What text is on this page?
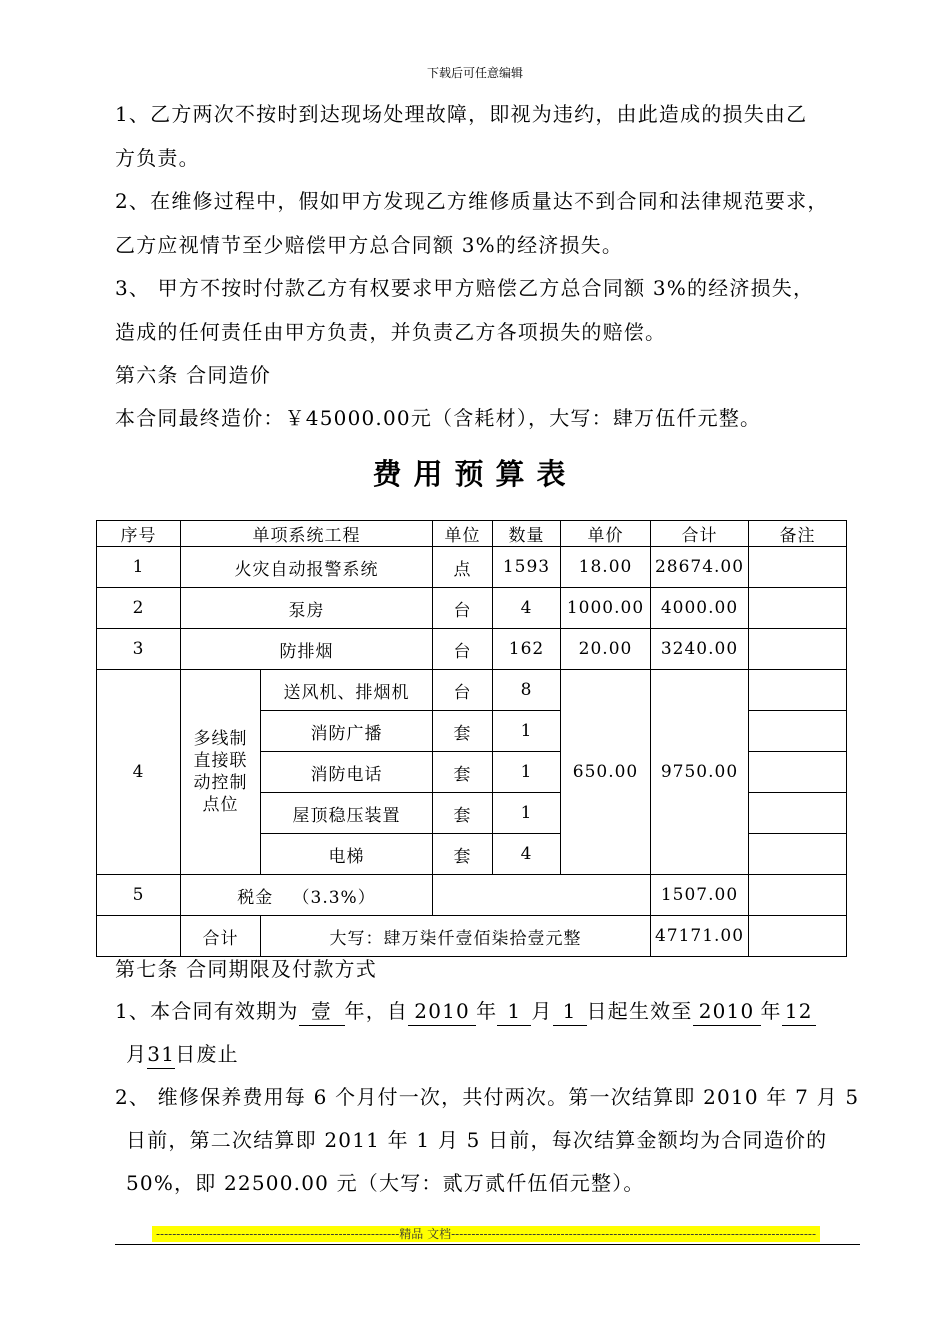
下载后可任意编辑
1、乙方两次不按时到达现场处理故障，即视为违约，由此造成的损失由乙
方负责。
2、在维修过程中，假如甲方发现乙方维修质量达不到合同和法律规范要求，
乙方应视情节至少赔偿甲方总合同额 3%的经济损失。
3、 甲方不按时付款乙方有权要求甲方赔偿乙方总合同额 3%的经济损失，
造成的任何责任由甲方负责，并负责乙方各项损失的赔偿。
第六条 合同造价
本合同最终造价：￥45000.00元（含耗材），大写：肆万伍仟元整。
费用预算表
序号	单项系统工程		单位	数量	单价	合计	备注
1	火灾自动报警系统		点	1593	18.00	28674.00	
2	泵房		台	4	1000.00	4000.00	
3	防排烟		台	162	20.00	3240.00	
4	多线制直接联动控制点位	送风机、排烟机	台	8	650.00	9750.00	
		消防广播	套	1			
		消防电话	套	1			
		屋顶稳压装置	套	1			
		电梯	套	4			
5	税金   （3.3%）					1507.00	
	合计	大写：肆万柒仟壹佰柒拾壹元整				47171.00	
第七条 合同期限及付款方式
1、本合同有效期为 壹 年，自 2010 年 1 月 1 日起生效至 2010 年 12
月31日废止
2、 维修保养费用每 6 个月付一次，共付两次。第一次结算即 2010 年 7 月 5
日前，第二次结算即 2011 年 1 月 5 日前，每次结算金额均为合同造价的
50%，即 22500.00 元（大写：贰万贰仟伍佰元整）。
------------------------------------------------------------精品 文档------------------------------------------------------------------------------------------
